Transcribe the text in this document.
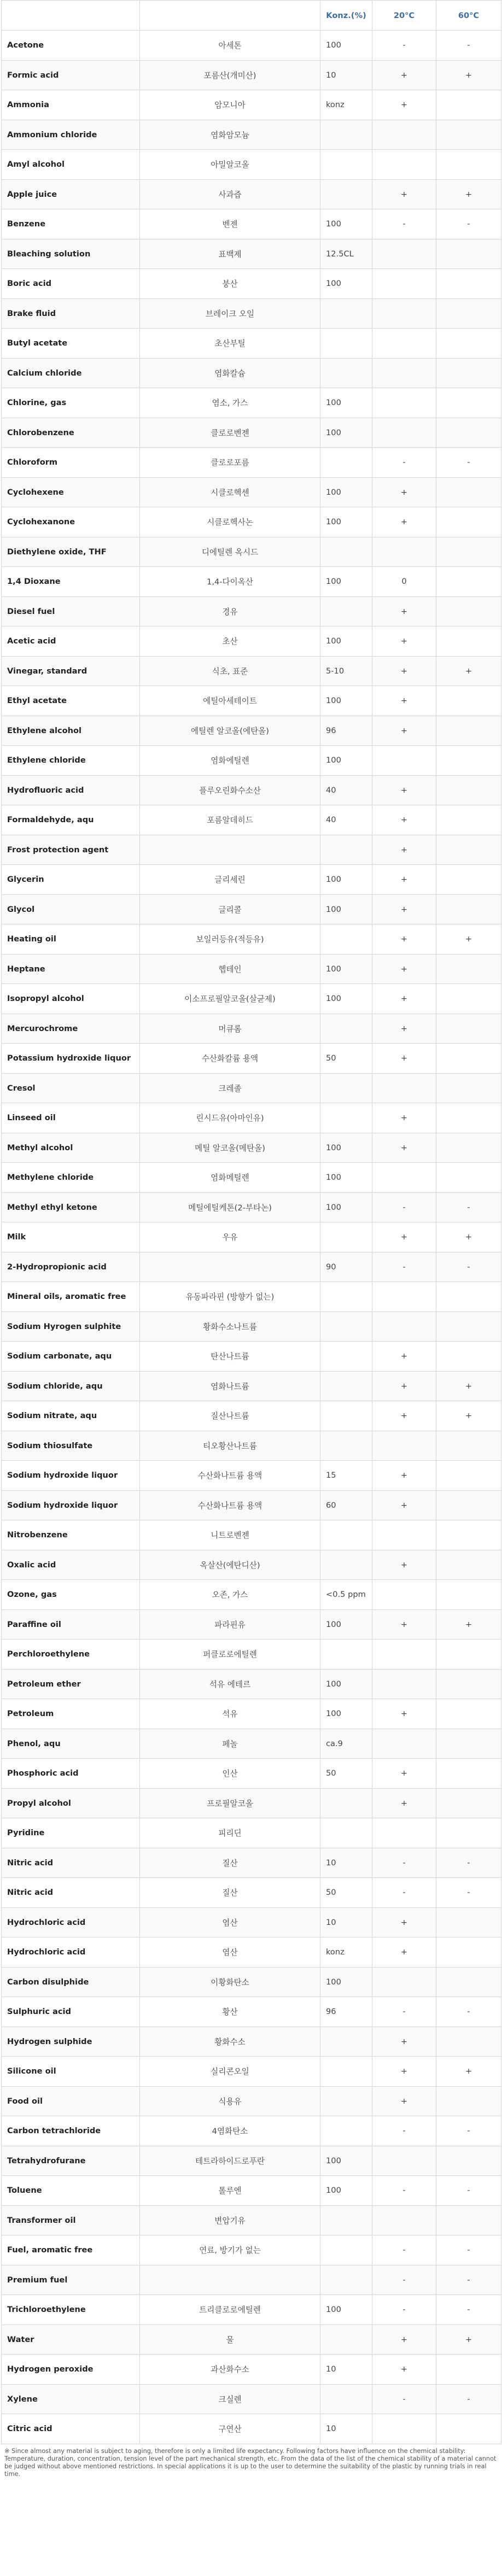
		Konz.(%)	20°C	60°C
Acetone	아세톤	100	-	-
Formic acid	포름산(개미산)	10	+	+
Ammonia	암모니아	konz	+	
Ammonium chloride	염화암모늄			
Amyl alcohol	아밀알코올			
Apple juice	사과즙		+	+
Benzene	벤젠	100	-	-
Bleaching solution	표백제	12.5CL		
Boric acid	붕산	100		
Brake fluid	브레이크 오일			
Butyl acetate	초산부틸			
Calcium chloride	염화칼슘			
Chlorine, gas	염소, 가스	100		
Chlorobenzene	클로로벤젠	100		
Chloroform	클로로포름		-	-
Cyclohexene	시클로헥센	100	+	
Cyclohexanone	시클로헥사논	100	+	
Diethylene oxide, THF	디에틸렌 옥시드			
1,4 Dioxane	1,4-다이옥산	100	0	
Diesel fuel	경유		+	
Acetic acid	초산	100	+	
Vinegar, standard	식초, 표준	5-10	+	+
Ethyl acetate	에틸아세테이트	100	+	
Ethylene alcohol	에틸렌 알코올(에탄올)	96	+	
Ethylene chloride	염화에틸렌	100		
Hydrofluoric acid	플루오린화수소산	40	+	
Formaldehyde, aqu	포름알데히드	40	+	
Frost protection agent			+	
Glycerin	글리세린	100	+	
Glycol	글리콜	100	+	
Heating oil	보일러등유(적등유)		+	+
Heptane	헵테인	100	+	
Isopropyl alcohol	이소프로필알코올(살균제)	100	+	
Mercurochrome	머큐롬		+	
Potassium hydroxide liquor	수산화칼륨 용액	50	+	
Cresol	크레졸			
Linseed oil	린시드유(아마인유)		+	
Methyl alcohol	메틸 알코올(메탄올)	100	+	
Methylene chloride	염화메틸렌	100		
Methyl ethyl ketone	메틸에틸케톤(2-부타논)	100	-	-
Milk	우유		+	+
2-Hydropropionic acid		90	-	-
Mineral oils, aromatic free	유동파라핀 (방향가 없는)			
Sodium Hyrogen sulphite	황화수소나트륨			
Sodium carbonate, aqu	탄산나트륨		+	
Sodium chloride, aqu	염화나트륨		+	+
Sodium nitrate, aqu	질산나트륨		+	+
Sodium thiosulfate	티오황산나트륨			
Sodium hydroxide liquor	수산화나트륨 용액	15	+	
Sodium hydroxide liquor	수산화나트륨 용액	60	+	
Nitrobenzene	니트로벤젠			
Oxalic acid	옥살산(에탄디산)		+	
Ozone, gas	오존, 가스	<0.5 ppm		
Paraffine oil	파라핀유	100	+	+
Perchloroethylene	퍼클로로에틸렌			
Petroleum ether	석유 에테르	100		
Petroleum	석유	100	+	
Phenol, aqu	페놀	ca.9		
Phosphoric acid	인산	50	+	
Propyl alcohol	프로필알코올		+	
Pyridine	피리딘			
Nitric acid	질산	10	-	-
Nitric acid	질산	50	-	-
Hydrochloric acid	염산	10	+	
Hydrochloric acid	염산	konz	+	
Carbon disulphide	이황화탄소	100		
Sulphuric acid	황산	96	-	-
Hydrogen sulphide	황화수소		+	
Silicone oil	실리콘오일		+	+
Food oil	식용유		+	
Carbon tetrachloride	4염화탄소		-	-
Tetrahydrofurane	테트라하이드로푸란	100		
Toluene	톨루엔	100	-	-
Transformer oil	변압기유			
Fuel, aromatic free	연료, 방기가 없는		-	-
Premium fuel			-	-
Trichloroethylene	트리클로로에틸렌	100	-	-
Water	물		+	+
Hydrogen peroxide	과산화수소	10	+	
Xylene	크실렌		-	-
Citric acid	구연산	10		
※ Since almost any material is subject to aging, therefore is only a limited life expectancy. Following factors have influence on the chemical stability: Temperature, duration, concentration, tension level of the part mechanical strength, etc. From the data of the list of the chemical stability of a material cannot be judged without above mentioned restrictions. In special applications it is up to the user to determine the suitability of the plastic by running trials in real time.
